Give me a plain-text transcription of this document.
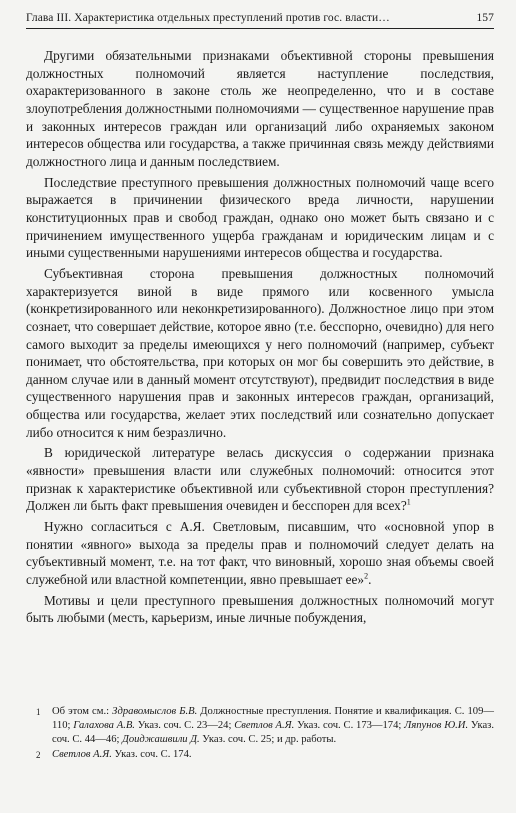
Глава III. Характеристика отдельных преступлений против гос. власти…	157

Другими обязательными признаками объективной стороны превышения должностных полномочий является наступление последствия, охарактеризованного в законе столь же неопределенно, что и в составе злоупотребления должностными полномочиями — существенное нарушение прав и законных интересов граждан или организаций либо охраняемых законом интересов общества или государства, а также причинная связь между действиями должностного лица и данным последствием.

Последствие преступного превышения должностных полномочий чаще всего выражается в причинении физического вреда личности, нарушении конституционных прав и свобод граждан, однако оно может быть связано и с причинением имущественного ущерба гражданам и юридическим лицам и с иными существенными нарушениями интересов общества и государства.

Субъективная сторона превышения должностных полномочий характеризуется виной в виде прямого или косвенного умысла (конкретизированного или неконкретизированного). Должностное лицо при этом сознает, что совершает действие, которое явно (т.е. бесспорно, очевидно) для него самого выходит за пределы имеющихся у него полномочий (например, субъект понимает, что обстоятельства, при которых он мог бы совершить это действие, в данном случае или в данный момент отсутствуют), предвидит последствия в виде существенного нарушения прав и законных интересов граждан, организаций, общества или государства, желает этих последствий или сознательно допускает либо относится к ним безразлично.

В юридической литературе велась дискуссия о содержании признака «явности» превышения власти или служебных полномочий: относится этот признак к характеристике объективной или субъективной сторон преступления? Должен ли быть факт превышения очевиден и бесспорен для всех?$^1$

Нужно согласиться с А.Я. Светловым, писавшим, что «основной упор в понятии «явного» выхода за пределы прав и полномочий следует делать на субъективный момент, т.е. на тот факт, что виновный, хорошо зная объемы своей служебной или властной компетенции, явно превышает ее»$^2$.

Мотивы и цели преступного превышения должностных полномочий могут быть любыми (месть, карьеризм, иные личные побуждения,

1	Об этом см.: Здравомыслов Б.В. Должностные преступления. Понятие и квалификация. С. 109—110; Галахова А.В. Указ. соч. С. 23—24; Светлов А.Я. Указ. соч. С. 173—174; Ляпунов Ю.И. Указ. соч. С. 44—46; Доиджашвили Д. Указ. соч. С. 25; и др. работы.
2	Светлов А.Я. Указ. соч. С. 174.
